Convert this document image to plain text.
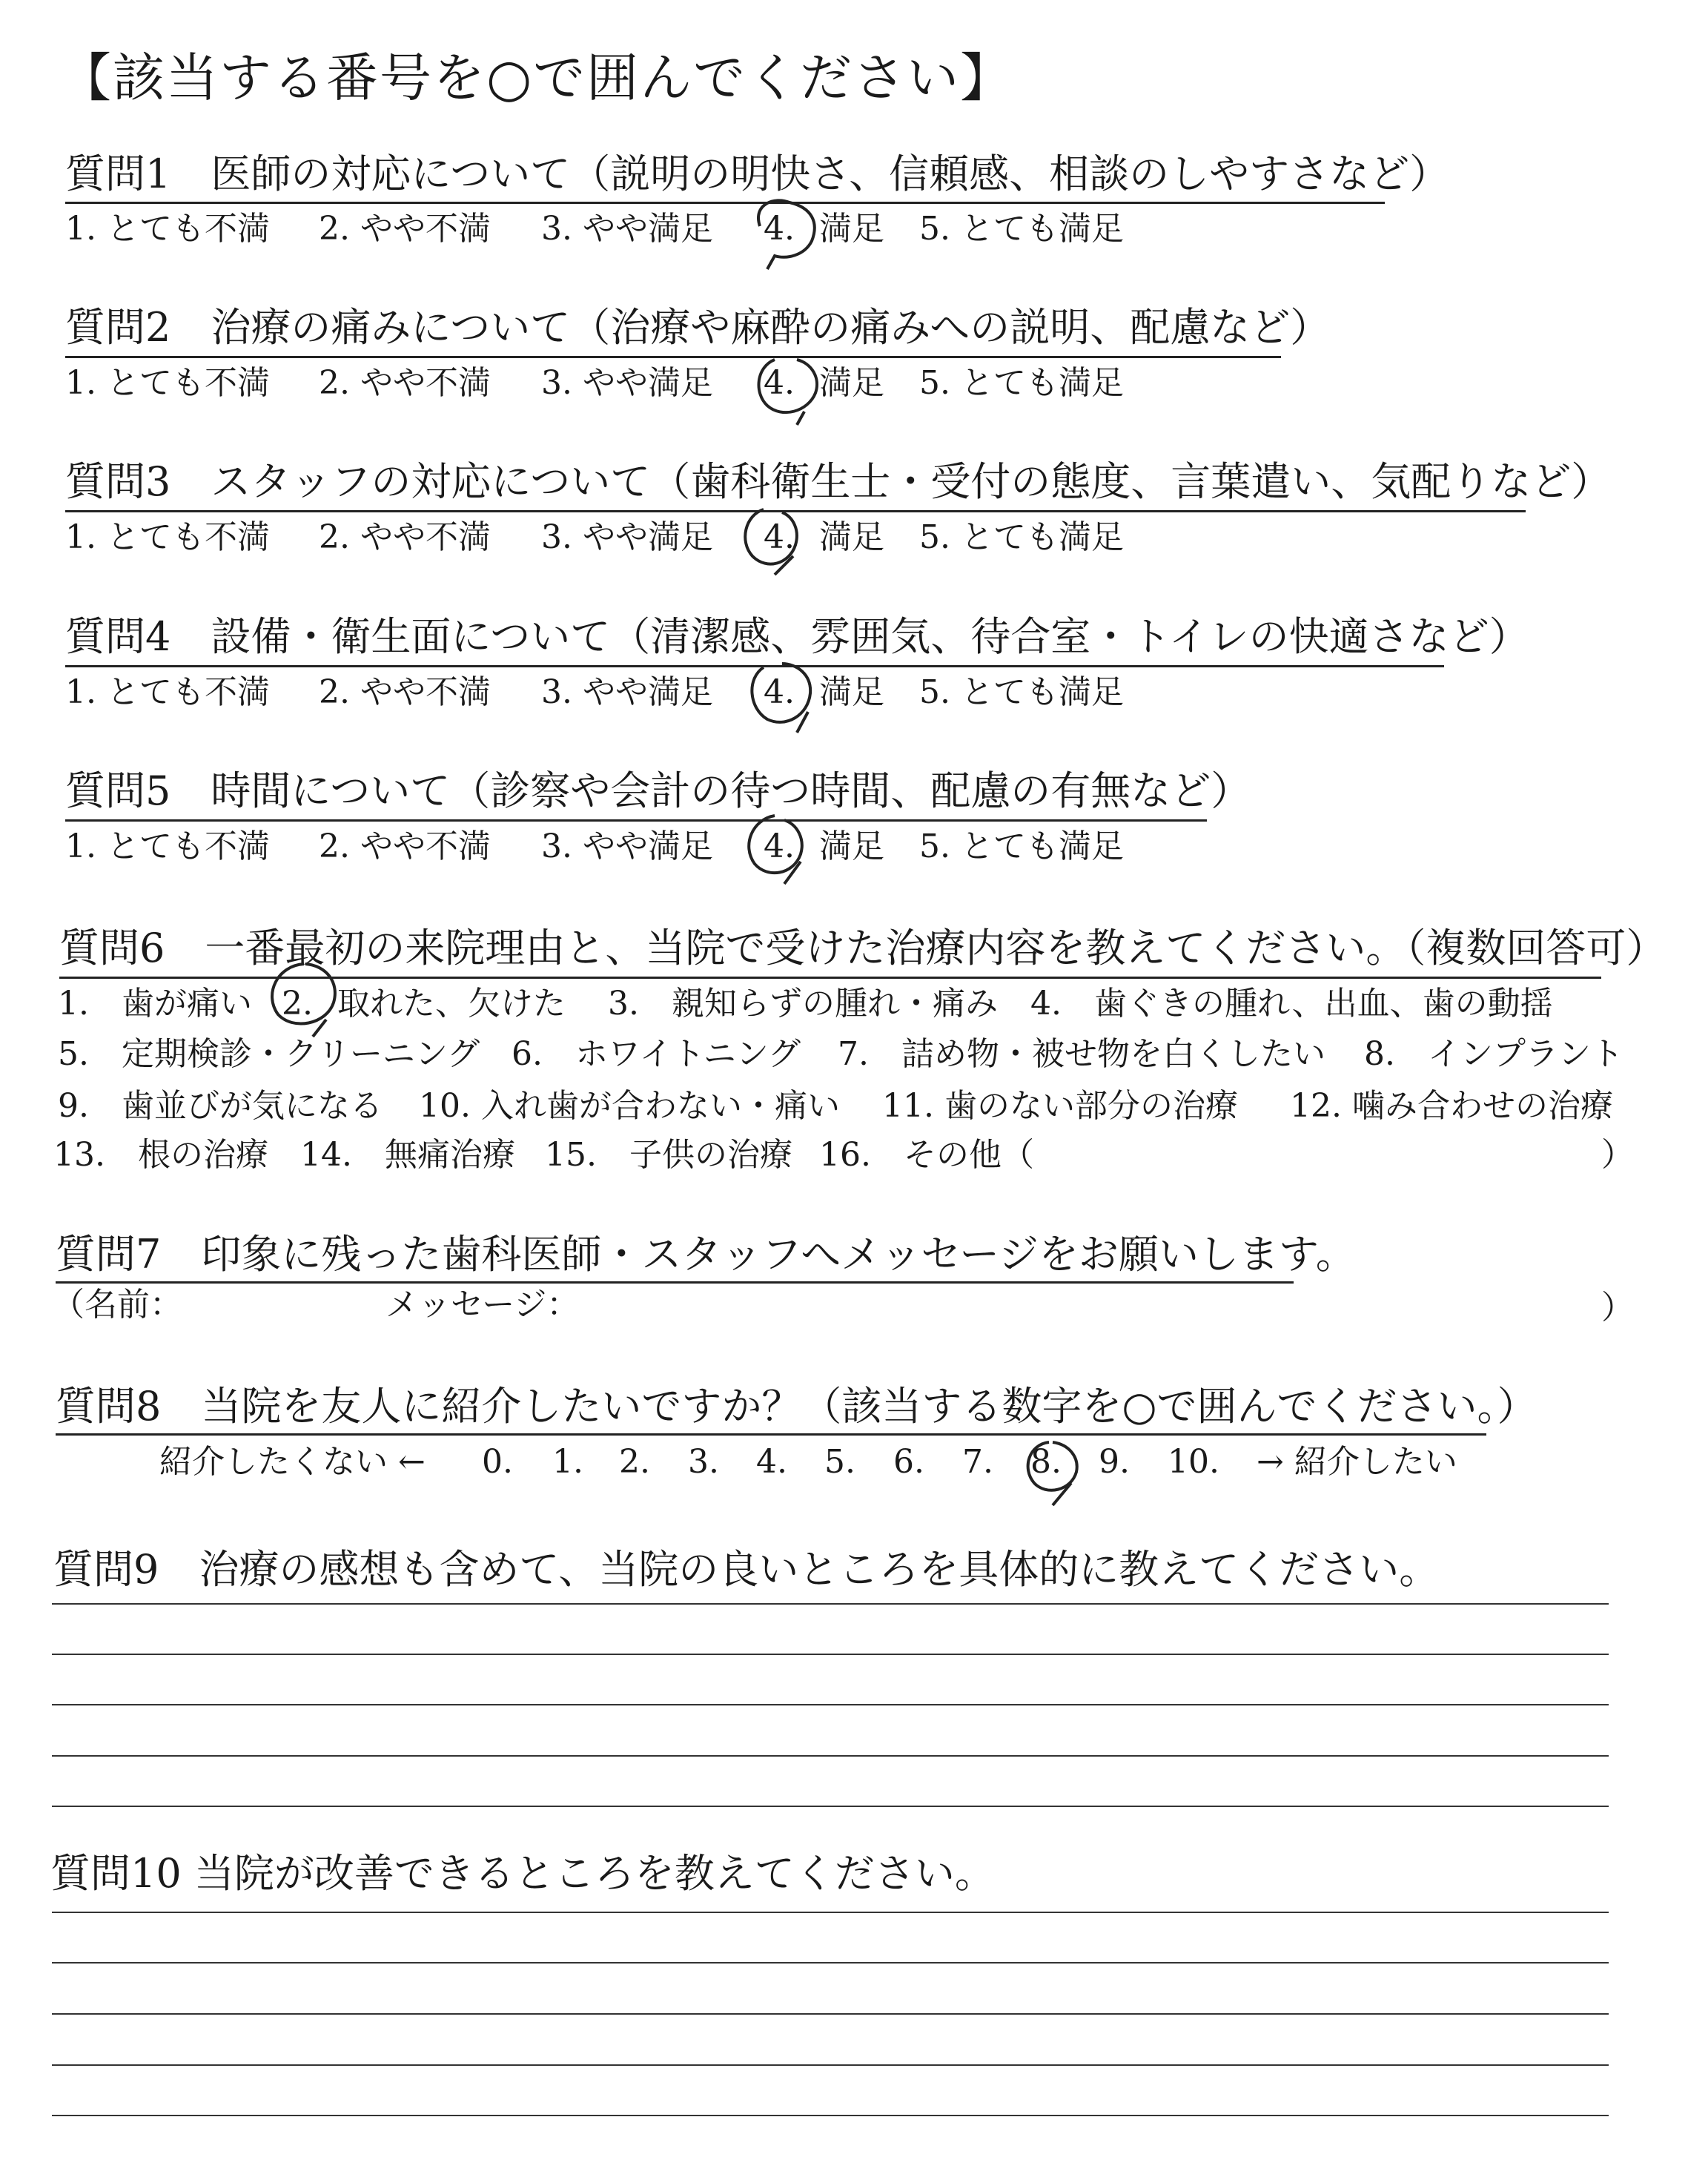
【該当する番号を○で囲んでください】
質問1　医師の対応について（説明の明快さ、信頼感、相談のしやすさなど）
1. とても不満 2. やや不満 3. やや満足 4. 満足 5. とても満足
質問2　治療の痛みについて（治療や麻酔の痛みへの説明、配慮など）
1. とても不満 2. やや不満 3. やや満足 4. 満足 5. とても満足
質問3　スタッフの対応について（歯科衛生士・受付の態度、言葉遣い、気配りなど）
1. とても不満 2. やや不満 3. やや満足 4. 満足 5. とても満足
質問4　設備・衛生面について（清潔感、雰囲気、待合室・トイレの快適さなど）
1. とても不満 2. やや不満 3. やや満足 4. 満足 5. とても満足
質問5　時間について（診察や会計の待つ時間、配慮の有無など）
1. とても不満 2. やや不満 3. やや満足 4. 満足 5. とても満足
質問6　一番最初の来院理由と、当院で受けた治療内容を教えてください。（複数回答可）
1.　歯が痛い 2. 取れた、欠けた 3.　親知らずの腫れ・痛み 4.　歯ぐきの腫れ、出血、歯の動揺
5.　定期検診・クリーニング 6.　ホワイトニング 7.　詰め物・被せ物を白くしたい 8.　インプラント
9.　歯並びが気になる 10. 入れ歯が合わない・痛い 11. 歯のない部分の治療 12. 噛み合わせの治療
13.　根の治療 14.　無痛治療 15.　子供の治療 16.　その他（	）
質問7　印象に残った歯科医師・スタッフへメッセージをお願いします。
（名前：	メッセージ：	）
質問8　当院を友人に紹介したいですか？（該当する数字を○で囲んでください。）
紹介したくない ← 0. 1. 2. 3. 4. 5. 6. 7. 8. 9. 10. → 紹介したい
質問9　治療の感想も含めて、当院の良いところを具体的に教えてください。
質問10 当院が改善できるところを教えてください。
